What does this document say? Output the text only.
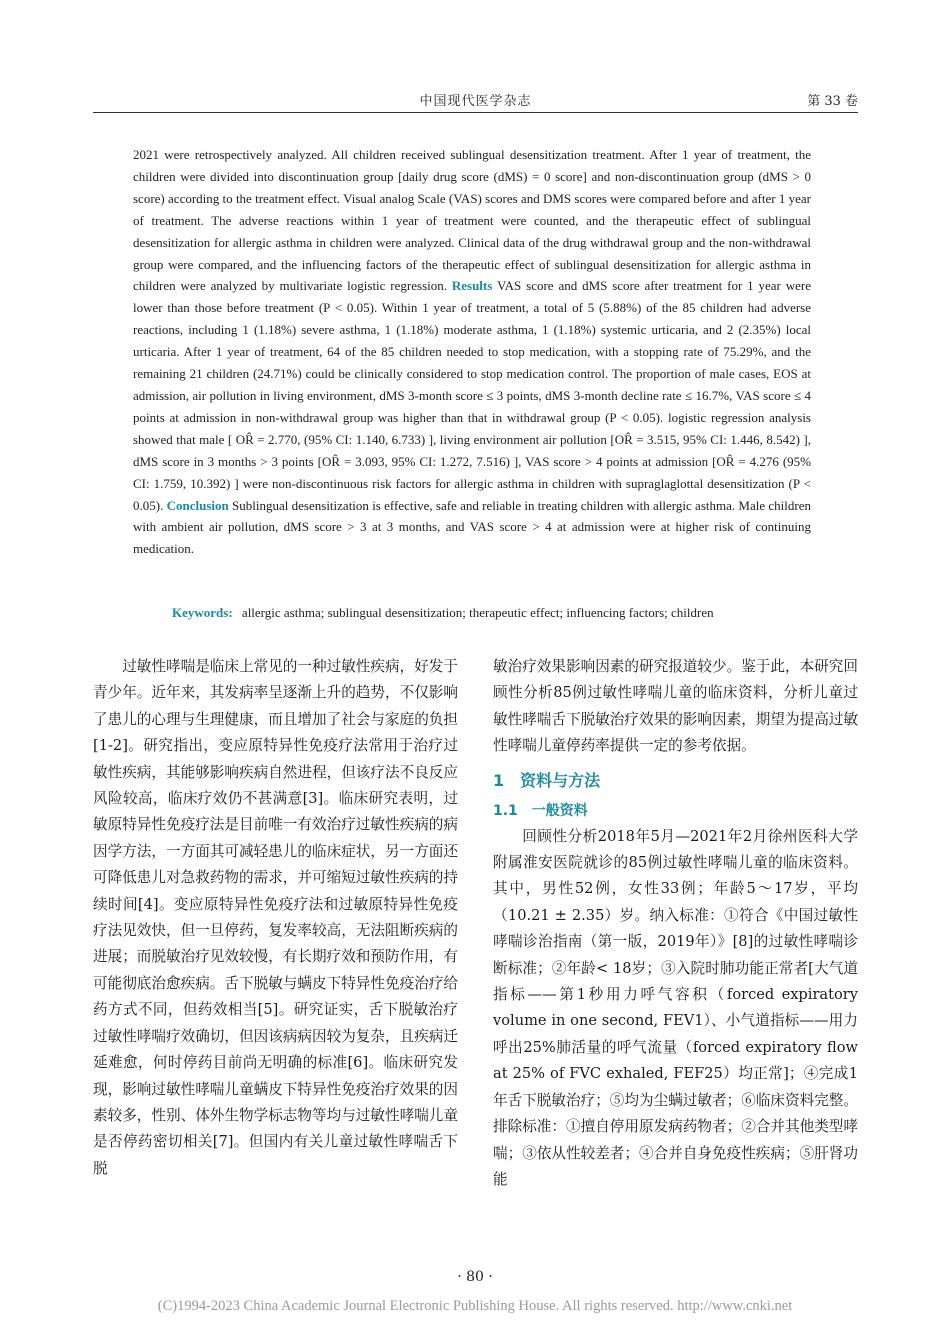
中国现代医学杂志	第 33 卷

2021 were retrospectively analyzed. All children received sublingual desensitization treatment. After 1 year of treatment, the children were divided into discontinuation group [daily drug score (dMS) = 0 score] and non-discontinuation group (dMS > 0 score) according to the treatment effect. Visual analog Scale (VAS) scores and DMS scores were compared before and after 1 year of treatment. The adverse reactions within 1 year of treatment were counted, and the therapeutic effect of sublingual desensitization for allergic asthma in children were analyzed. Clinical data of the drug withdrawal group and the non-withdrawal group were compared, and the influencing factors of the therapeutic effect of sublingual desensitization for allergic asthma in children were analyzed by multivariate logistic regression. Results VAS score and dMS score after treatment for 1 year were lower than those before treatment (P < 0.05). Within 1 year of treatment, a total of 5 (5.88%) of the 85 children had adverse reactions, including 1 (1.18%) severe asthma, 1 (1.18%) moderate asthma, 1 (1.18%) systemic urticaria, and 2 (2.35%) local urticaria. After 1 year of treatment, 64 of the 85 children needed to stop medication, with a stopping rate of 75.29%, and the remaining 21 children (24.71%) could be clinically considered to stop medication control. The proportion of male cases, EOS at admission, air pollution in living environment, dMS 3-month score ≤ 3 points, dMS 3-month decline rate ≤ 16.7%, VAS score ≤ 4 points at admission in non-withdrawal group was higher than that in withdrawal group (P < 0.05). logistic regression analysis showed that male [ OR̂ = 2.770, (95% CI: 1.140, 6.733) ], living environment air pollution [OR̂ = 3.515, 95% CI: 1.446, 8.542) ], dMS score in 3 months > 3 points [OR̂ = 3.093, 95% CI: 1.272, 7.516) ], VAS score > 4 points at admission [OR̂ = 4.276 (95% CI: 1.759, 10.392) ] were non-discontinuous risk factors for allergic asthma in children with supraglaglottal desensitization (P < 0.05). Conclusion Sublingual desensitization is effective, safe and reliable in treating children with allergic asthma. Male children with ambient air pollution, dMS score > 3 at 3 months, and VAS score > 4 at admission were at higher risk of continuing medication.

Keywords: allergic asthma; sublingual desensitization; therapeutic effect; influencing factors; children

过敏性哮喘是临床上常见的一种过敏性疾病，好发于青少年。近年来，其发病率呈逐渐上升的趋势，不仅影响了患儿的心理与生理健康，而且增加了社会与家庭的负担[1-2]。研究指出，变应原特异性免疫疗法常用于治疗过敏性疾病，其能够影响疾病自然进程，但该疗法不良反应风险较高，临床疗效仍不甚满意[3]。临床研究表明，过敏原特异性免疫疗法是目前唯一有效治疗过敏性疾病的病因学方法，一方面其可减轻患儿的临床症状，另一方面还可降低患儿对急救药物的需求，并可缩短过敏性疾病的持续时间[4]。变应原特异性免疫疗法和过敏原特异性免疫疗法见效快，但一旦停药，复发率较高，无法阻断疾病的进展；而脱敏治疗见效较慢，有长期疗效和预防作用，有可能彻底治愈疾病。舌下脱敏与螨皮下特异性免疫治疗给药方式不同，但药效相当[5]。研究证实，舌下脱敏治疗过敏性哮喘疗效确切，但因该病病因较为复杂，且疾病迁延难愈，何时停药目前尚无明确的标准[6]。临床研究发现，影响过敏性哮喘儿童螨皮下特异性免疫治疗效果的因素较多，性别、体外生物学标志物等均与过敏性哮喘儿童是否停药密切相关[7]。但国内有关儿童过敏性哮喘舌下脱

敏治疗效果影响因素的研究报道较少。鉴于此，本研究回顾性分析85例过敏性哮喘儿童的临床资料，分析儿童过敏性哮喘舌下脱敏治疗效果的影响因素，期望为提高过敏性哮喘儿童停药率提供一定的参考依据。

1　资料与方法
1.1　一般资料

回顾性分析2018年5月—2021年2月徐州医科大学附属淮安医院就诊的85例过敏性哮喘儿童的临床资料。其中，男性52例，女性33例；年龄5～17岁，平均（10.21 ± 2.35）岁。纳入标准：①符合《中国过敏性哮喘诊治指南（第一版，2019年）》[8]的过敏性哮喘诊断标准；②年龄< 18岁；③入院时肺功能正常者[大气道指标——第1秒用力呼气容积（forced expiratory volume in one second, FEV1）、小气道指标——用力呼出25%肺活量的呼气流量（forced expiratory flow at 25% of FVC exhaled, FEF25）均正常]；④完成1年舌下脱敏治疗；⑤均为尘螨过敏者；⑥临床资料完整。排除标准：①擅自停用原发病药物者；②合并其他类型哮喘；③依从性较差者；④合并自身免疫性疾病；⑤肝肾功能

· 80 ·
(C)1994-2023 China Academic Journal Electronic Publishing House. All rights reserved. http://www.cnki.net
